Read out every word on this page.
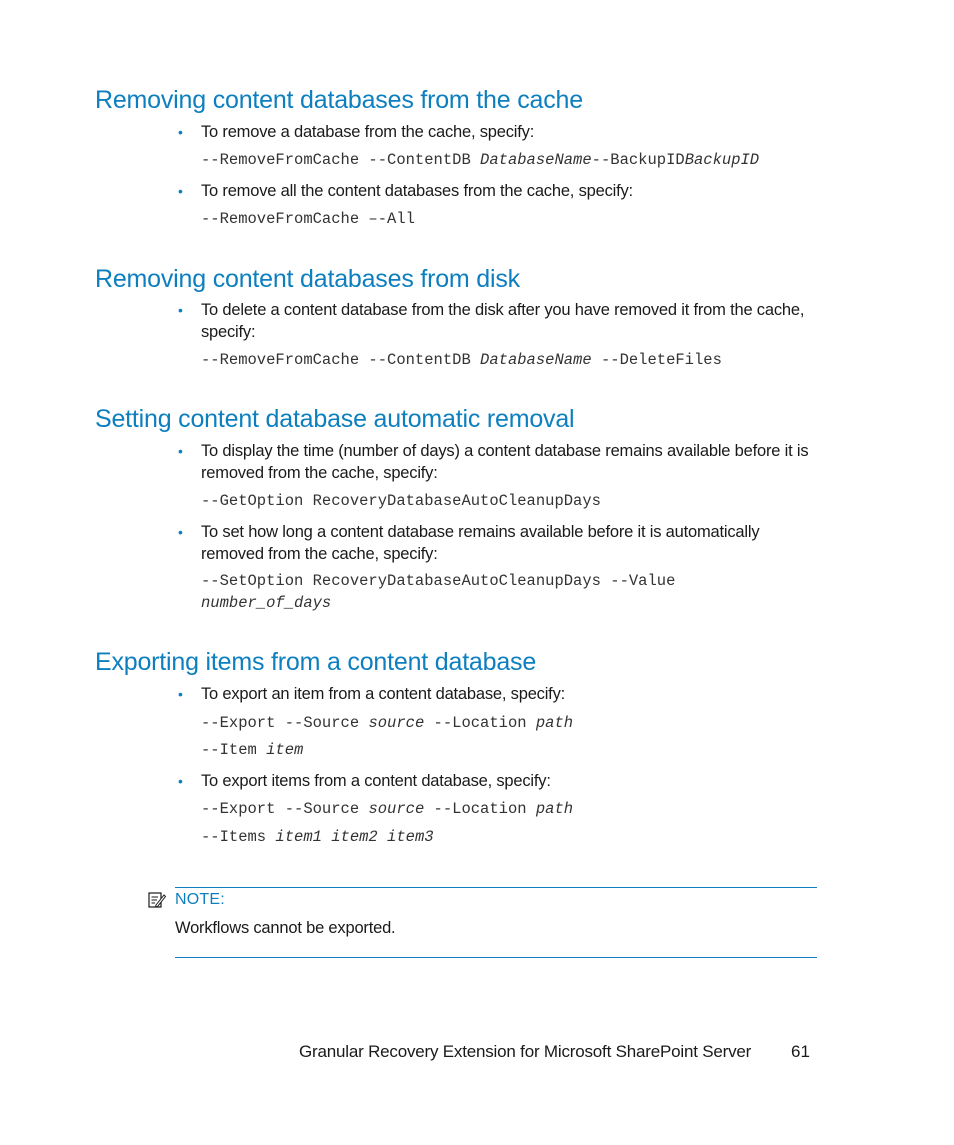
Removing content databases from the cache
• To remove a database from the cache, specify:
--RemoveFromCache --ContentDB DatabaseName--BackupIDBackupID
• To remove all the content databases from the cache, specify:
--RemoveFromCache –-All
Removing content databases from disk
• To delete a content database from the disk after you have removed it from the cache, specify:
--RemoveFromCache --ContentDB DatabaseName --DeleteFiles
Setting content database automatic removal
• To display the time (number of days) a content database remains available before it is removed from the cache, specify:
--GetOption RecoveryDatabaseAutoCleanupDays
• To set how long a content database remains available before it is automatically removed from the cache, specify:
--SetOption RecoveryDatabaseAutoCleanupDays --Value
number_of_days
Exporting items from a content database
• To export an item from a content database, specify:
--Export --Source source --Location path
--Item item
• To export items from a content database, specify:
--Export --Source source --Location path
--Items item1 item2 item3
NOTE:
Workflows cannot be exported.
Granular Recovery Extension for Microsoft SharePoint Server 61
